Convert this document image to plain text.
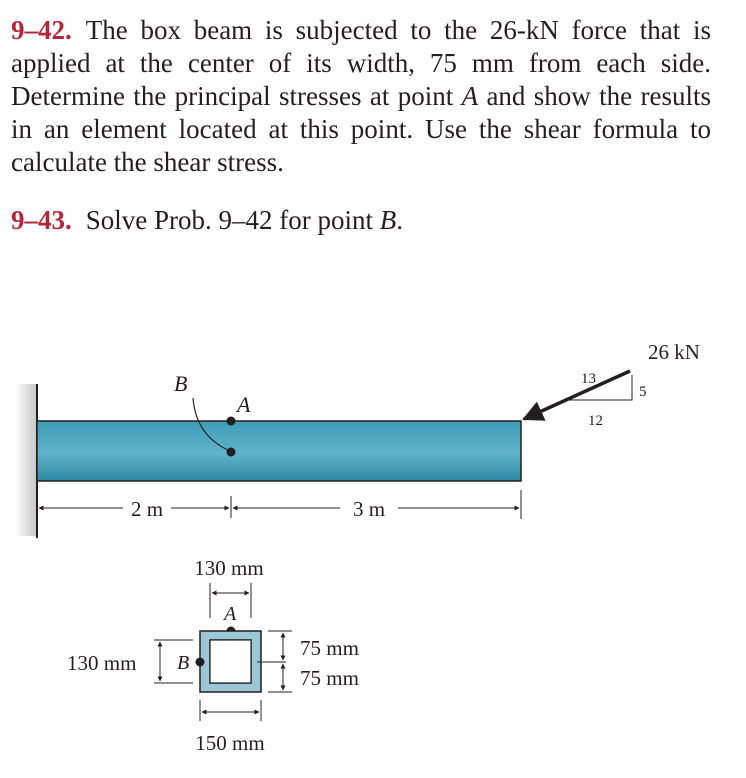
9–42. The box beam is subjected to the 26-kN force that is applied at the center of its width, 75 mm from each side. Determine the principal stresses at point A and show the results in an element located at this point. Use the shear formula to calculate the shear stress.

9–43. Solve Prob. 9–42 for point B.

B
A
26 kN
13
5
12
2 m	3 m
130 mm
A
B
130 mm
75 mm
75 mm
150 mm
